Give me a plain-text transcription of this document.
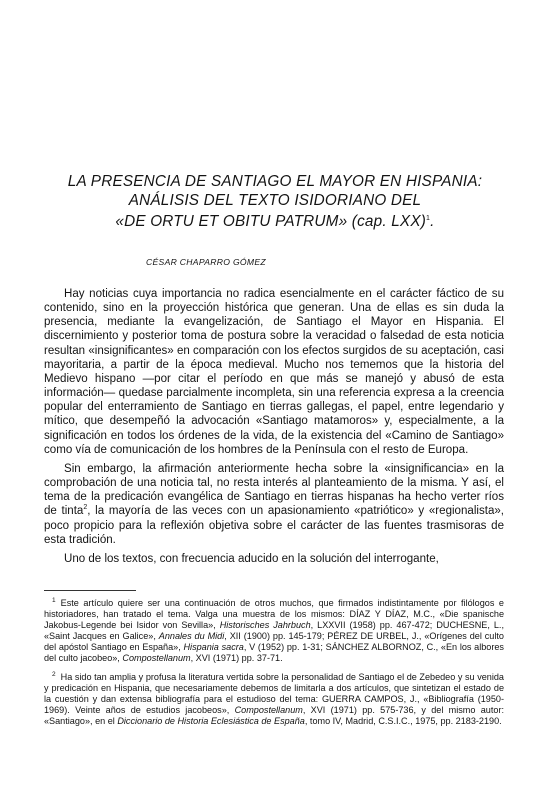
LA PRESENCIA DE SANTIAGO EL MAYOR EN HISPANIA:
ANÁLISIS DEL TEXTO ISIDORIANO DEL
«DE ORTU ET OBITU PATRUM» (cap. LXX)$^1$.
CÉSAR CHAPARRO GÓMEZ

Hay noticias cuya importancia no radica esencialmente en el carácter fáctico de su contenido, sino en la proyección histórica que generan. Una de ellas es sin duda la presencia, mediante la evangelización, de Santiago el Mayor en Hispania. El discernimiento y posterior toma de postura sobre la veracidad o falsedad de esta noticia resultan «insignificantes» en comparación con los efectos surgidos de su aceptación, casi mayoritaria, a partir de la época medieval. Mucho nos tememos que la historia del Medievo hispano —por citar el período en que más se manejó y abusó de esta información— quedase parcialmente incompleta, sin una referencia expresa a la creencia popular del enterramiento de Santiago en tierras gallegas, el papel, entre legendario y mítico, que desempeñó la advocación «Santiago matamoros» y, especialmente, a la significación en todos los órdenes de la vida, de la existencia del «Camino de Santiago» como vía de comunicación de los hombres de la Península con el resto de Europa.

Sin embargo, la afirmación anteriormente hecha sobre la «insignificancia» en la comprobación de una noticia tal, no resta interés al planteamiento de la misma. Y así, el tema de la predicación evangélica de Santiago en tierras hispanas ha hecho verter ríos de tinta$^2$, la mayoría de las veces con un apasionamiento «patriótico» y «regionalista», poco propicio para la reflexión objetiva sobre el carácter de las fuentes trasmisoras de esta tradición.

Uno de los textos, con frecuencia aducido en la solución del interrogante,

$^1$ Este artículo quiere ser una continuación de otros muchos, que firmados indistintamente por filólogos e historiadores, han tratado el tema. Valga una muestra de los mismos: DÍAZ Y DÍAZ, M.C., «Die spanische Jakobus-Legende bei Isidor von Sevilla», Historisches Jahrbuch, LXXVII (1958) pp. 467-472; DUCHESNE, L., «Saint Jacques en Galice», Annales du Midi, XII (1900) pp. 145-179; PÉREZ DE URBEL, J., «Orígenes del culto del apóstol Santiago en España», Hispania sacra, V (1952) pp. 1-31; SÁNCHEZ ALBORNOZ, C., «En los albores del culto jacobeo», Compostellanum, XVI (1971) pp. 37-71.

$^2$ Ha sido tan amplia y profusa la literatura vertida sobre la personalidad de Santiago el de Zebedeo y su venida y predicación en Hispania, que necesariamente debemos de limitarla a dos artículos, que sintetizan el estado de la cuestión y dan extensa bibliografía para el estudioso del tema: GUERRA CAMPOS, J., «Bibliografía (1950-1969). Veinte años de estudios jacobeos», Compostellanum, XVI (1971) pp. 575-736, y del mismo autor: «Santiago», en el Diccionario de Historia Eclesiástica de España, tomo IV, Madrid, C.S.I.C., 1975, pp. 2183-2190.
